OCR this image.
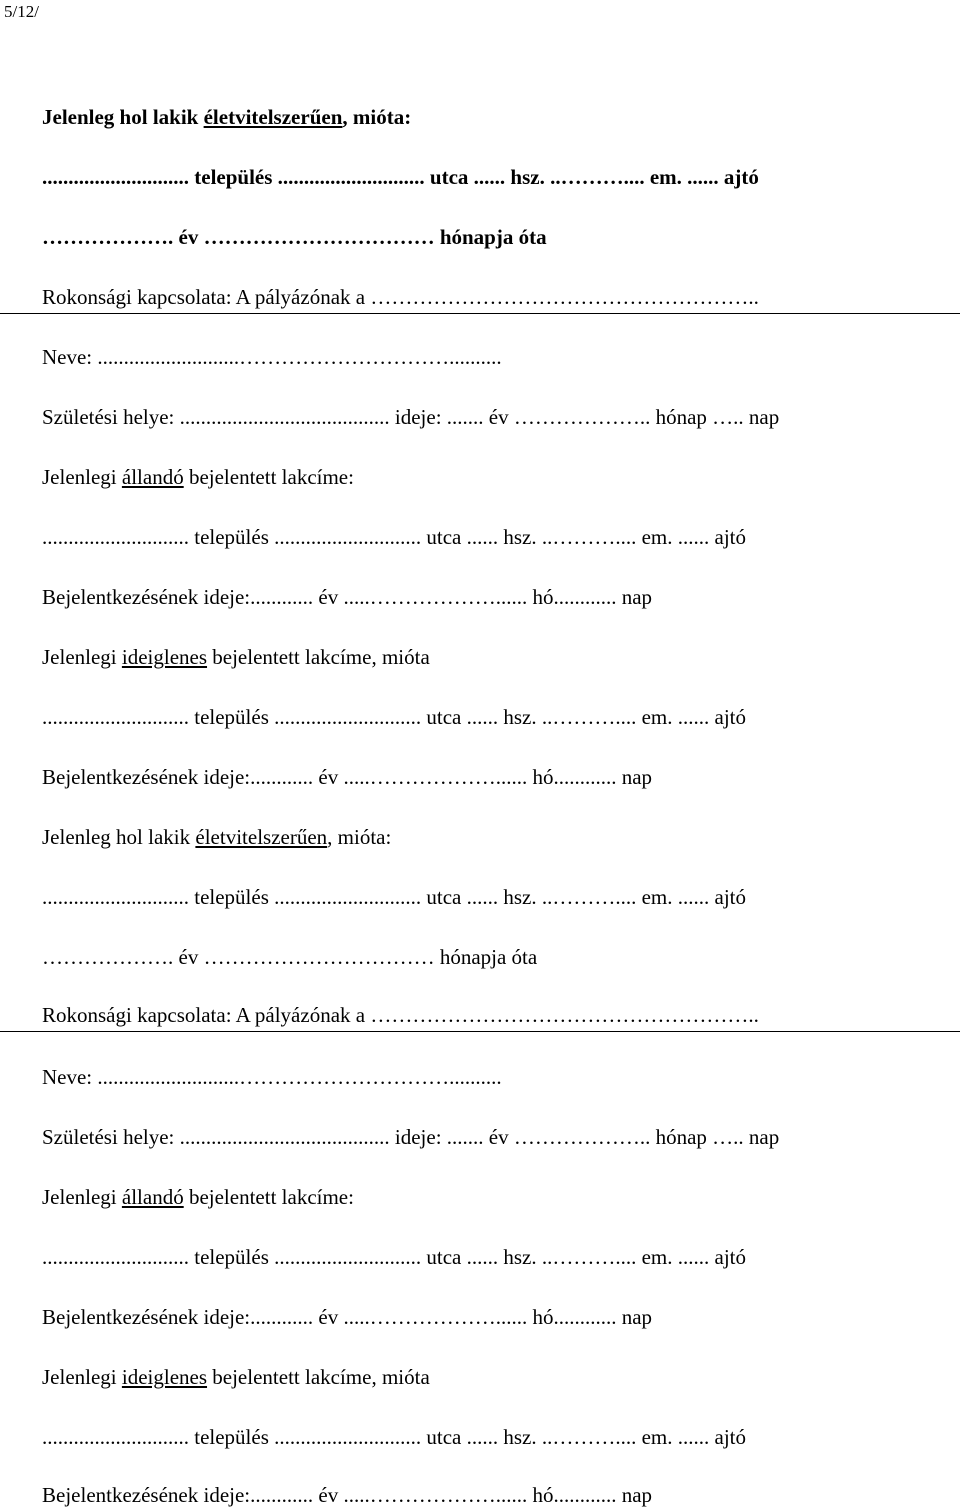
5/12/
Jelenleg hol lakik életvitelszerűen, mióta:
............................ település ............................ utca ...... hsz. ..……….... em. ...... ajtó
………………. év …………………………… hónapja óta
Rokonsági kapcsolata: A pályázónak a ………………………………………………..
Neve: ...........................…………………………..........
Születési helye: ........................................ ideje: ....... év ……………….. hónap ….. nap
Jelenlegi állandó bejelentett lakcíme:
............................ település ............................ utca ...... hsz. ..……….... em. ...... ajtó
Bejelentkezésének ideje:............ év .....………………...... hó............ nap
Jelenlegi ideiglenes bejelentett lakcíme, mióta
............................ település ............................ utca ...... hsz. ..……….... em. ...... ajtó
Bejelentkezésének ideje:............ év .....………………...... hó............ nap
Jelenleg hol lakik életvitelszerűen, mióta:
............................ település ............................ utca ...... hsz. ..……….... em. ...... ajtó
………………. év …………………………… hónapja óta
Rokonsági kapcsolata: A pályázónak a ………………………………………………..
Neve: ...........................…………………………..........
Születési helye: ........................................ ideje: ....... év ……………….. hónap ….. nap
Jelenlegi állandó bejelentett lakcíme:
............................ település ............................ utca ...... hsz. ..……….... em. ...... ajtó
Bejelentkezésének ideje:............ év .....………………...... hó............ nap
Jelenlegi ideiglenes bejelentett lakcíme, mióta
............................ település ............................ utca ...... hsz. ..……….... em. ...... ajtó
Bejelentkezésének ideje:............ év .....………………...... hó............ nap
